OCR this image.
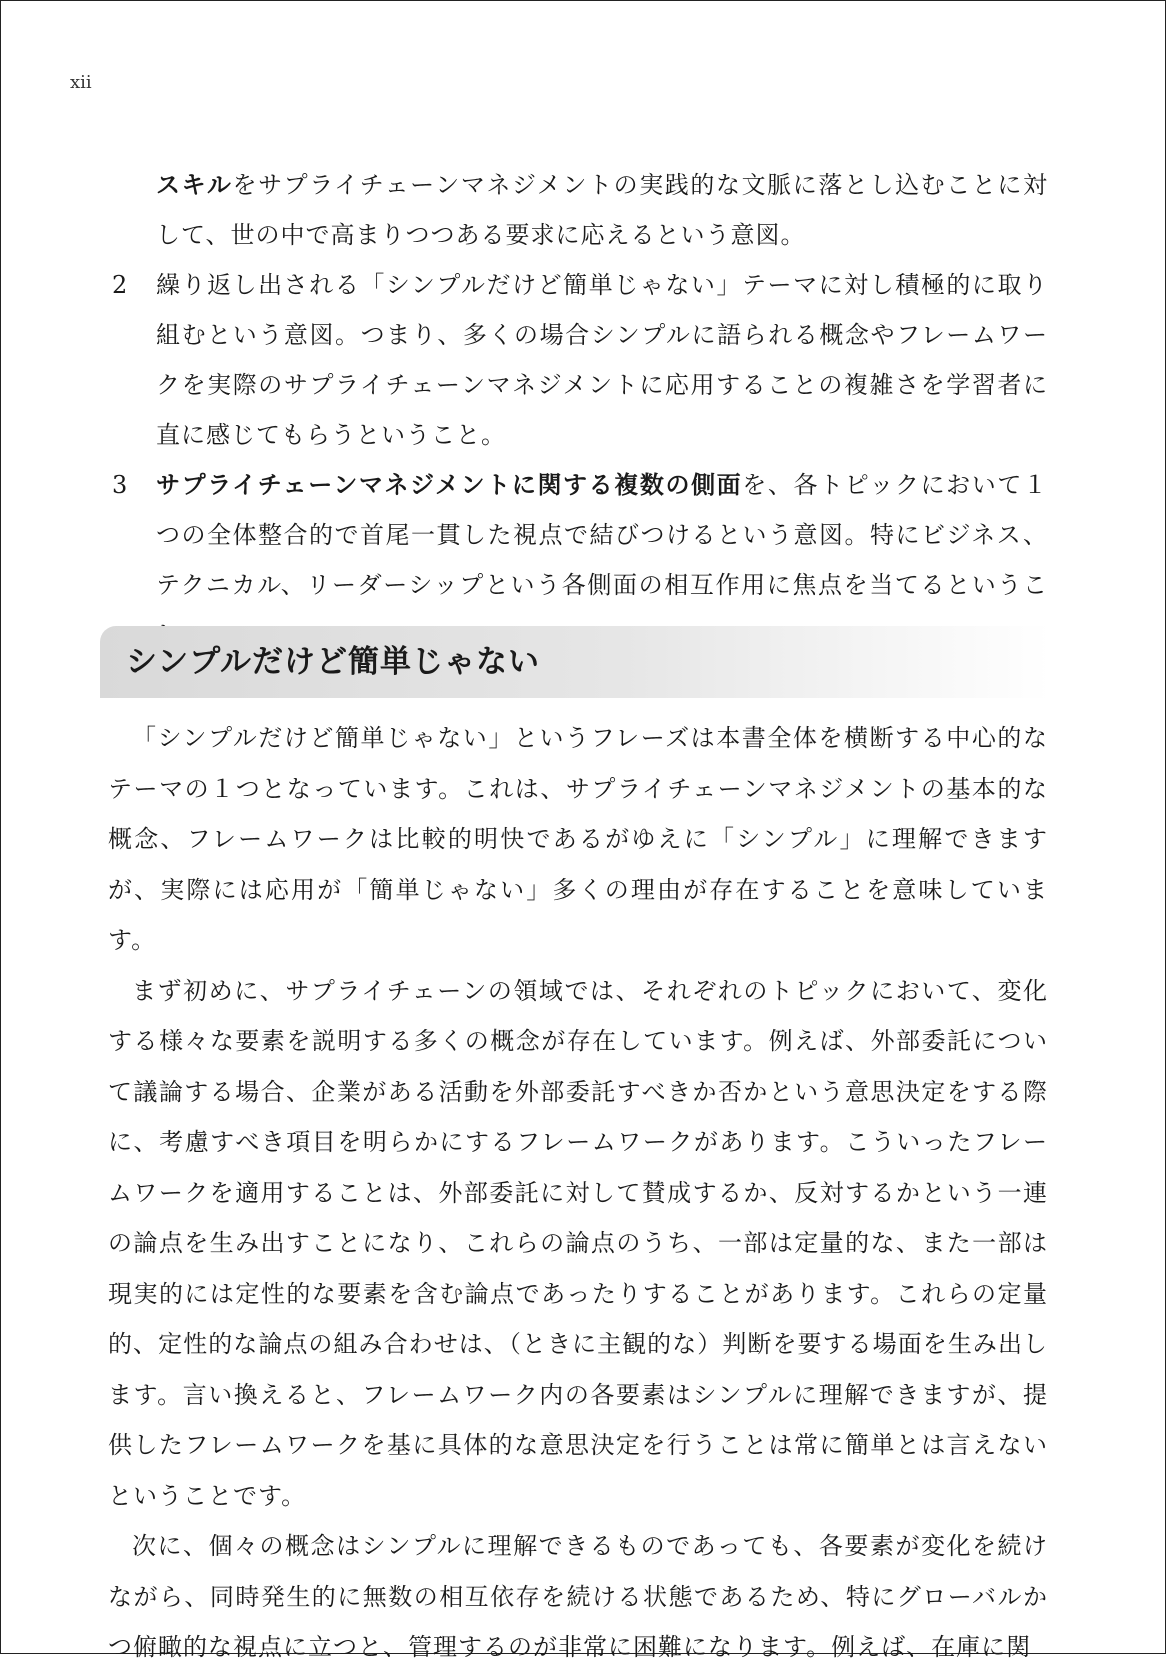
xii

スキルをサプライチェーンマネジメントの実践的な文脈に落とし込むことに対して、世の中で高まりつつある要求に応えるという意図。

2	繰り返し出される「シンプルだけど簡単じゃない」テーマに対し積極的に取り組むという意図。つまり、多くの場合シンプルに語られる概念やフレームワークを実際のサプライチェーンマネジメントに応用することの複雑さを学習者に直に感じてもらうということ。
3	サプライチェーンマネジメントに関する複数の側面を、各トピックにおいて１つの全体整合的で首尾一貫した視点で結びつけるという意図。特にビジネス、テクニカル、リーダーシップという各側面の相互作用に焦点を当てるというこ
シンプルだけど簡単じゃない

「シンプルだけど簡単じゃない」というフレーズは本書全体を横断する中心的なテーマの１つとなっています。これは、サプライチェーンマネジメントの基本的な概念、フレームワークは比較的明快であるがゆえに「シンプル」に理解できますが、実際には応用が「簡単じゃない」多くの理由が存在することを意味しています。

まず初めに、サプライチェーンの領域では、それぞれのトピックにおいて、変化する様々な要素を説明する多くの概念が存在しています。例えば、外部委託について議論する場合、企業がある活動を外部委託すべきか否かという意思決定をする際に、考慮すべき項目を明らかにするフレームワークがあります。こういったフレームワークを適用することは、外部委託に対して賛成するか、反対するかという一連の論点を生み出すことになり、これらの論点のうち、一部は定量的な、また一部は現実的には定性的な要素を含む論点であったりすることがあります。これらの定量的、定性的な論点の組み合わせは、（ときに主観的な）判断を要する場面を生み出します。言い換えると、フレームワーク内の各要素はシンプルに理解できますが、提供したフレームワークを基に具体的な意思決定を行うことは常に簡単とは言えないということです。

次に、個々の概念はシンプルに理解できるものであっても、各要素が変化を続けながら、同時発生的に無数の相互依存を続ける状態であるため、特にグローバルかつ俯瞰的な視点に立つと、管理するのが非常に困難になります。例えば、在庫に関
